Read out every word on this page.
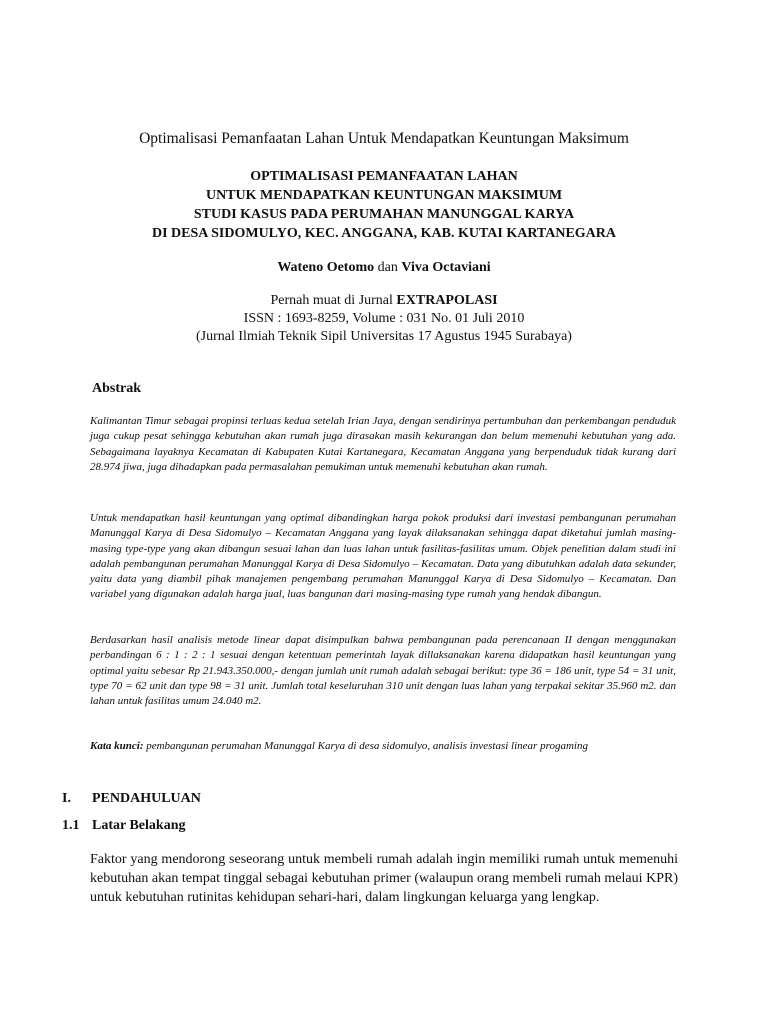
Optimalisasi Pemanfaatan Lahan Untuk Mendapatkan Keuntungan Maksimum
OPTIMALISASI PEMANFAATAN LAHAN
UNTUK MENDAPATKAN KEUNTUNGAN MAKSIMUM
STUDI KASUS PADA PERUMAHAN MANUNGGAL KARYA
DI DESA SIDOMULYO, KEC. ANGGANA, KAB. KUTAI KARTANEGARA
Wateno Oetomo dan Viva Octaviani
Pernah muat di Jurnal EXTRAPOLASI
ISSN : 1693-8259, Volume : 031 No. 01 Juli 2010
(Jurnal Ilmiah Teknik Sipil Universitas 17 Agustus 1945 Surabaya)
Abstrak

Kalimantan Timur sebagai propinsi terluas kedua setelah Irian Jaya, dengan sendirinya pertumbuhan dan perkembangan penduduk juga cukup pesat sehingga kebutuhan akan rumah juga dirasakan masih kekurangan dan belum memenuhi kebutuhan yang ada. Sebagaimana layaknya Kecamatan di Kabupaten Kutai Kartanegara, Kecamatan Anggana yang berpenduduk tidak kurang dari 28.974 jiwa, juga dihadapkan pada permasalahan pemukiman untuk memenuhi kebutuhan akan rumah.

Untuk mendapatkan hasil keuntungan yang optimal dibandingkan harga pokok produksi dari investasi pembangunan perumahan Manunggal Karya di Desa Sidomulyo – Kecamatan Anggana yang layak dilaksanakan sehingga dapat diketahui jumlah masing-masing type-type yang akan dibangun sesuai lahan dan luas lahan untuk fasilitas-fasilitas umum. Objek penelitian dalam studi ini adalah pembangunan perumahan Manunggal Karya di Desa Sidomulyo – Kecamatan. Data yang dibutuhkan adalah data sekunder, yaitu data yang diambil pihak manajemen pengembang perumahan Manunggal Karya di Desa Sidomulyo – Kecamatan. Dan variabel yang digunakan adalah harga jual, luas bangunan dari masing-masing type rumah yang hendak dibangun.

Berdasarkan hasil analisis metode linear dapat disimpulkan bahwa pembangunan pada perencanaan II dengan menggunakan perbandingan 6 : 1 : 2 : 1 sesuai dengan ketentuan pemerintah layak dillaksanakan karena didapatkan hasil keuntungan yang optimal yaitu sebesar Rp 21.943.350.000,- dengan jumlah unit rumah adalah sebagai berikut: type 36 = 186 unit, type 54 = 31 unit, type 70 = 62 unit dan type 98 = 31 unit. Jumlah total keseluruhan 310 unit dengan luas lahan yang terpakai sekitar 35.960 m2. dan lahan untuk fasilitas umum 24.040 m2.

Kata kunci: pembangunan perumahan Manunggal Karya di desa sidomulyo, analisis investasi linear progaming
I. PENDAHULUAN
1.1 Latar Belakang

Faktor yang mendorong seseorang untuk membeli rumah adalah ingin memiliki rumah untuk memenuhi kebutuhan akan tempat tinggal sebagai kebutuhan primer (walaupun orang membeli rumah melaui KPR) untuk kebutuhan rutinitas kehidupan sehari-hari, dalam lingkungan keluarga yang lengkap.
